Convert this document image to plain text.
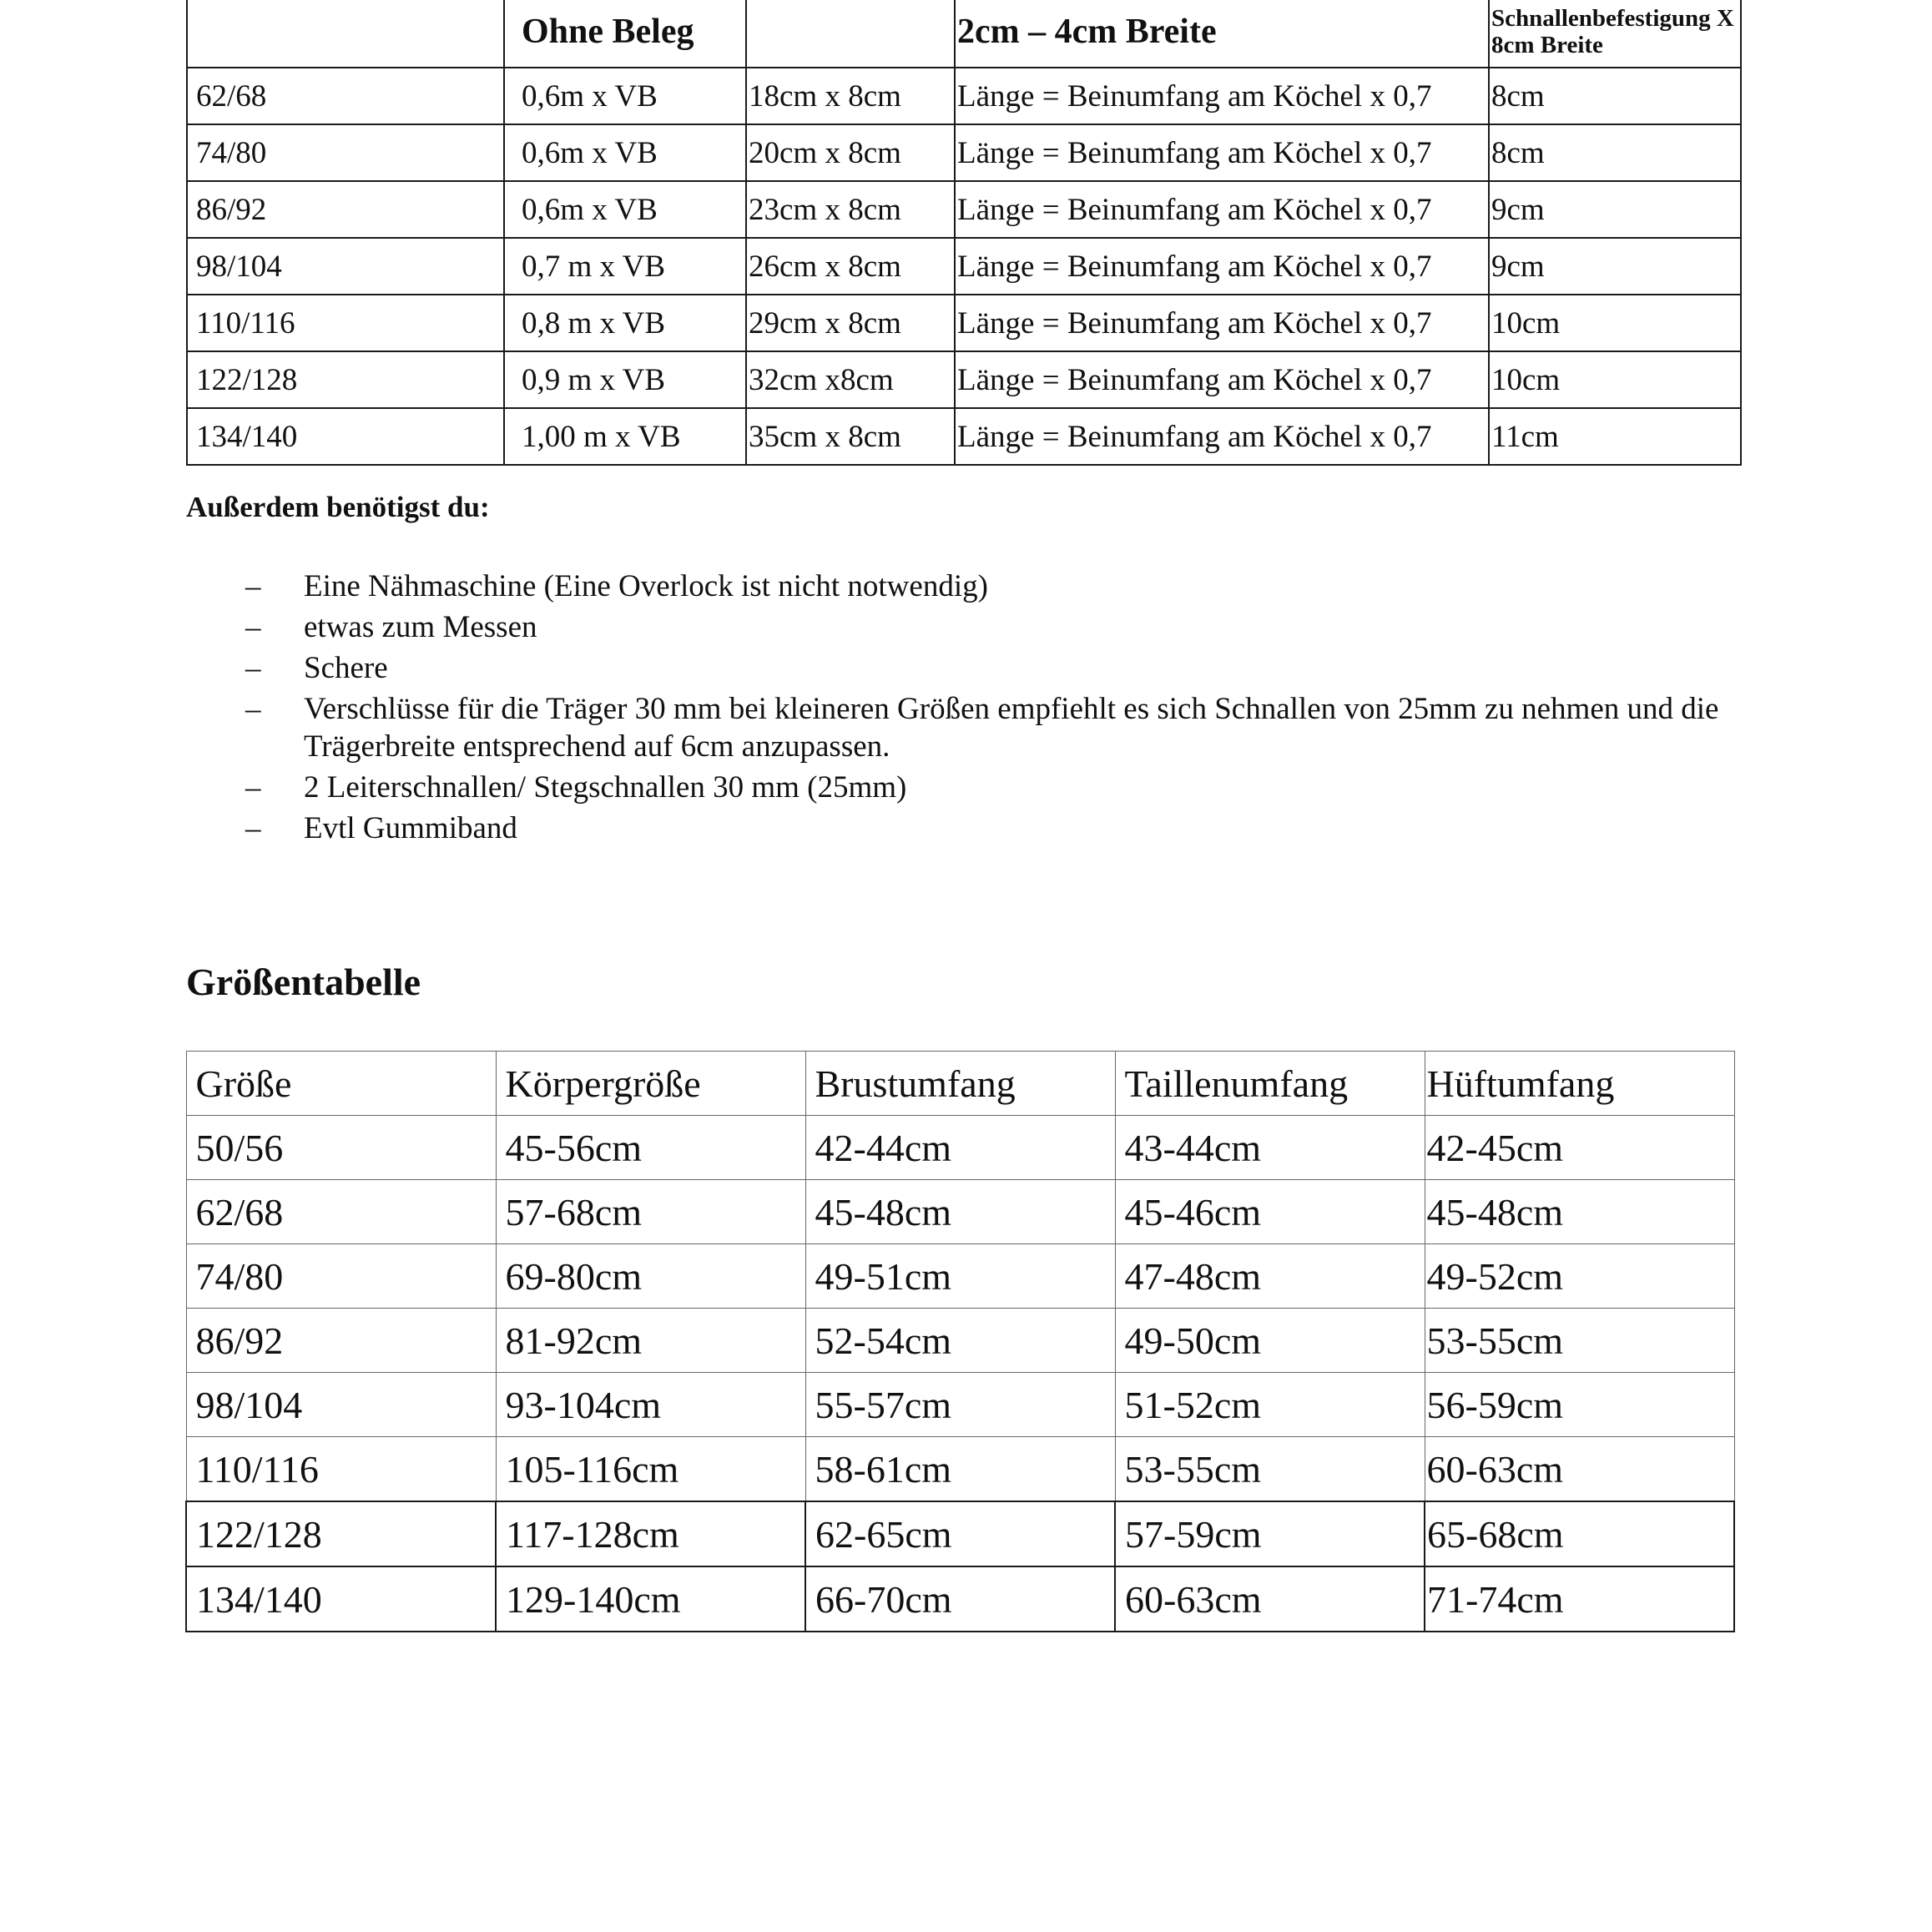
	Ohne Beleg		2cm – 4cm Breite	Schnallenbefestigung X 8cm Breite
62/68	0,6m x VB	18cm x 8cm	Länge = Beinumfang am Köchel x 0,7	8cm
74/80	0,6m x VB	20cm x 8cm	Länge = Beinumfang am Köchel x 0,7	8cm
86/92	0,6m x VB	23cm x 8cm	Länge = Beinumfang am Köchel x 0,7	9cm
98/104	0,7 m x VB	26cm x 8cm	Länge = Beinumfang am Köchel x 0,7	9cm
110/116	0,8 m x VB	29cm x 8cm	Länge = Beinumfang am Köchel x 0,7	10cm
122/128	0,9 m x VB	32cm x8cm	Länge = Beinumfang am Köchel x 0,7	10cm
134/140	1,00 m x VB	35cm x 8cm	Länge = Beinumfang am Köchel x 0,7	11cm

Außerdem benötigst du:

– Eine Nähmaschine (Eine Overlock ist nicht notwendig)
– etwas zum Messen
– Schere
– Verschlüsse für die Träger 30 mm bei kleineren Größen empfiehlt es sich Schnallen von 25mm zu nehmen und die Trägerbreite entsprechend auf 6cm anzupassen.
– 2 Leiterschnallen/ Stegschnallen 30 mm (25mm)
– Evtl Gummiband
Größentabelle
Größe	Körpergröße	Brustumfang	Taillenumfang	Hüftumfang
50/56	45-56cm	42-44cm	43-44cm	42-45cm
62/68	57-68cm	45-48cm	45-46cm	45-48cm
74/80	69-80cm	49-51cm	47-48cm	49-52cm
86/92	81-92cm	52-54cm	49-50cm	53-55cm
98/104	93-104cm	55-57cm	51-52cm	56-59cm
110/116	105-116cm	58-61cm	53-55cm	60-63cm
122/128	117-128cm	62-65cm	57-59cm	65-68cm
134/140	129-140cm	66-70cm	60-63cm	71-74cm
